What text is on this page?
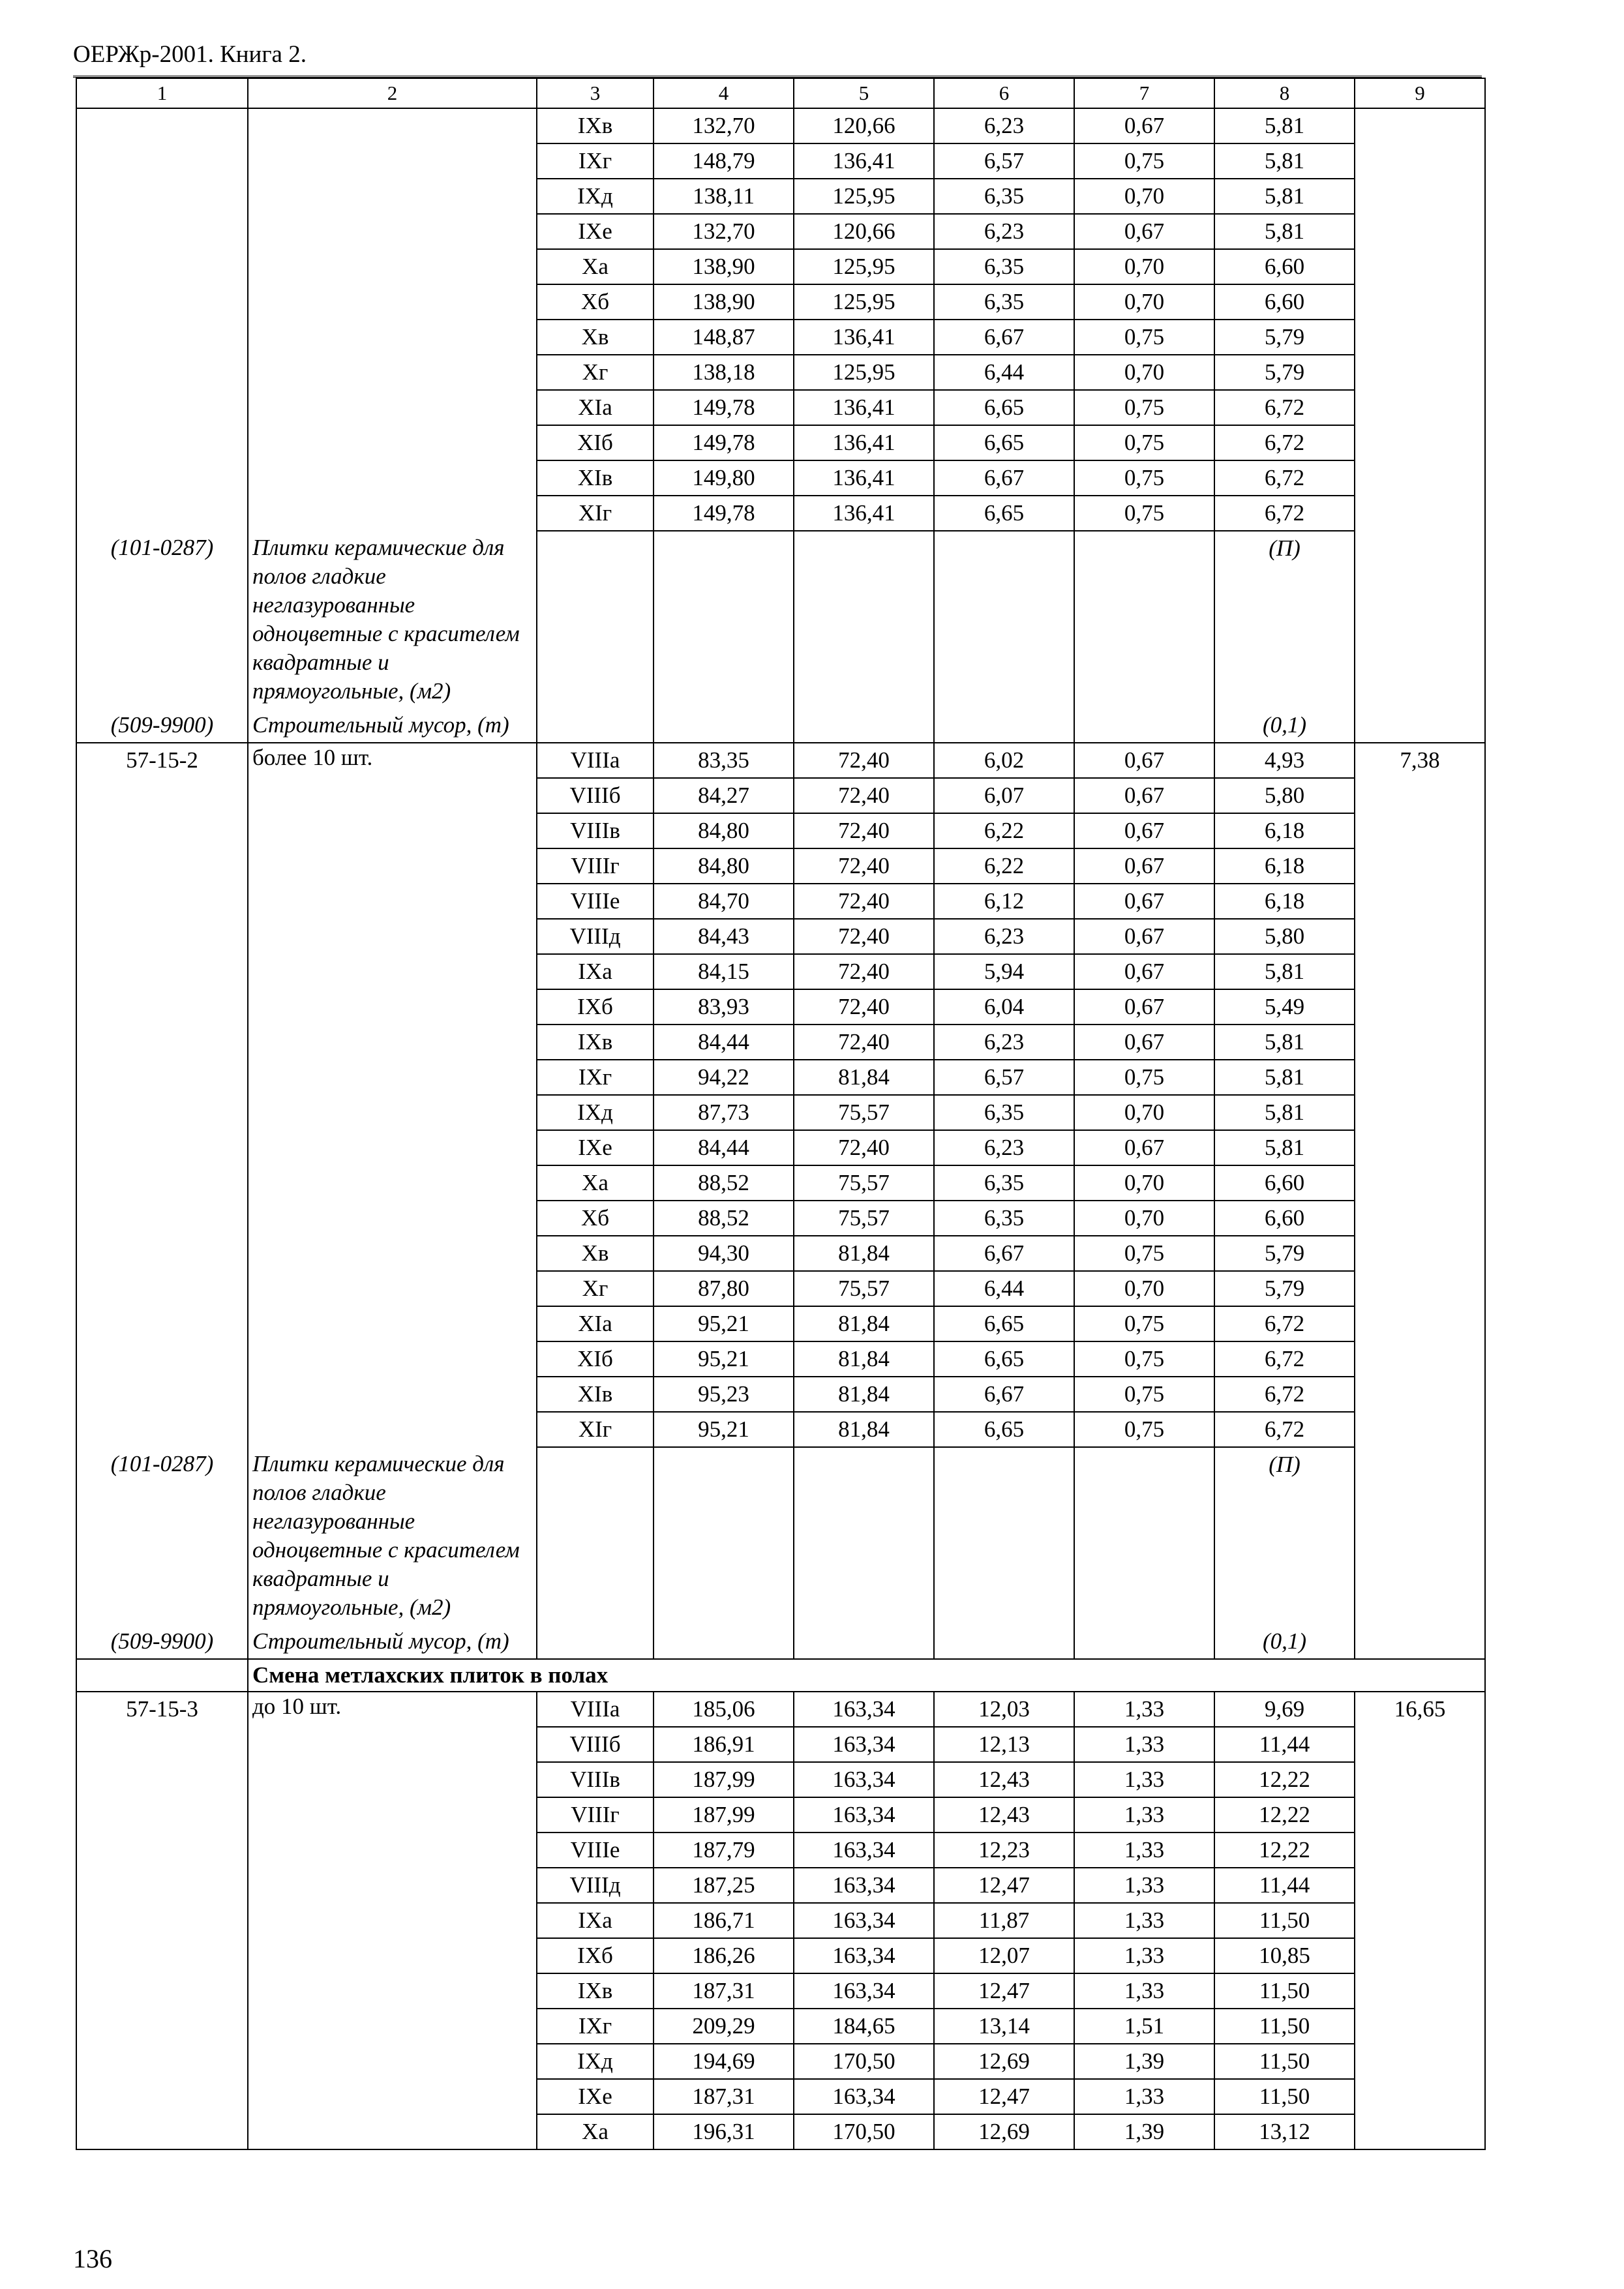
ОЕРЖр-2001. Книга 2.
1	2	3	4	5	6	7	8	9
		IXв	132,70	120,66	6,23	0,67	5,81	
		IXг	148,79	136,41	6,57	0,75	5,81	
		IXд	138,11	125,95	6,35	0,70	5,81	
		IXe	132,70	120,66	6,23	0,67	5,81	
		Xa	138,90	125,95	6,35	0,70	6,60	
		Xб	138,90	125,95	6,35	0,70	6,60	
		Xв	148,87	136,41	6,67	0,75	5,79	
		Xг	138,18	125,95	6,44	0,70	5,79	
		XIa	149,78	136,41	6,65	0,75	6,72	
		XIб	149,78	136,41	6,65	0,75	6,72	
		XIв	149,80	136,41	6,67	0,75	6,72	
		XIг	149,78	136,41	6,65	0,75	6,72	
(101-0287)	Плитки керамические для полов гладкие неглазурованные одноцветные с красителем квадратные и прямоугольные, (м2)						(П)	
(509-9900)	Строительный мусор, (т)						(0,1)	
57-15-2	более 10 шт.	VIIIa	83,35	72,40	6,02	0,67	4,93	7,38
		VIIIб	84,27	72,40	6,07	0,67	5,80	
		VIIIв	84,80	72,40	6,22	0,67	6,18	
		VIIIг	84,80	72,40	6,22	0,67	6,18	
		VIIIe	84,70	72,40	6,12	0,67	6,18	
		VIIIд	84,43	72,40	6,23	0,67	5,80	
		IXa	84,15	72,40	5,94	0,67	5,81	
		IXб	83,93	72,40	6,04	0,67	5,49	
		IXв	84,44	72,40	6,23	0,67	5,81	
		IXг	94,22	81,84	6,57	0,75	5,81	
		IXд	87,73	75,57	6,35	0,70	5,81	
		IXe	84,44	72,40	6,23	0,67	5,81	
		Xa	88,52	75,57	6,35	0,70	6,60	
		Xб	88,52	75,57	6,35	0,70	6,60	
		Xв	94,30	81,84	6,67	0,75	5,79	
		Xг	87,80	75,57	6,44	0,70	5,79	
		XIa	95,21	81,84	6,65	0,75	6,72	
		XIб	95,21	81,84	6,65	0,75	6,72	
		XIв	95,23	81,84	6,67	0,75	6,72	
		XIг	95,21	81,84	6,65	0,75	6,72	
(101-0287)	Плитки керамические для полов гладкие неглазурованные одноцветные с красителем квадратные и прямоугольные, (м2)						(П)	
(509-9900)	Строительный мусор, (т)						(0,1)	
	Смена метлахских плиток в полах							
57-15-3	до 10 шт.	VIIIa	185,06	163,34	12,03	1,33	9,69	16,65
		VIIIб	186,91	163,34	12,13	1,33	11,44	
		VIIIв	187,99	163,34	12,43	1,33	12,22	
		VIIIг	187,99	163,34	12,43	1,33	12,22	
		VIIIe	187,79	163,34	12,23	1,33	12,22	
		VIIIд	187,25	163,34	12,47	1,33	11,44	
		IXa	186,71	163,34	11,87	1,33	11,50	
		IXб	186,26	163,34	12,07	1,33	10,85	
		IXв	187,31	163,34	12,47	1,33	11,50	
		IXг	209,29	184,65	13,14	1,51	11,50	
		IXд	194,69	170,50	12,69	1,39	11,50	
		IXe	187,31	163,34	12,47	1,33	11,50	
		Xa	196,31	170,50	12,69	1,39	13,12	
136
